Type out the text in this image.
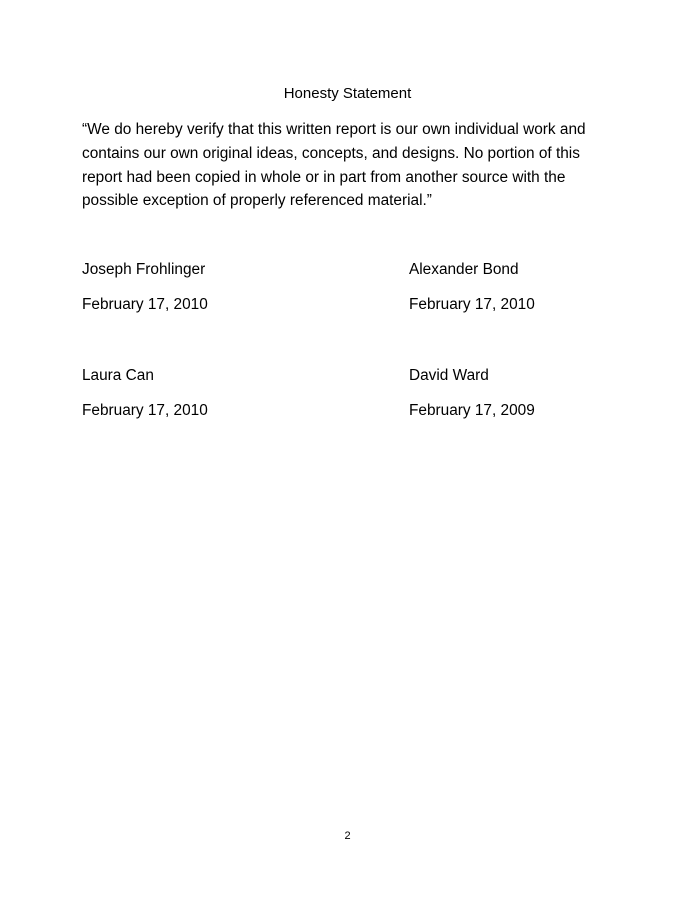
Honesty Statement

“We do hereby verify that this written report is our own individual work and contains our own original ideas, concepts, and designs. No portion of this report had been copied in whole or in part from another source with the possible exception of properly referenced material.”

Joseph Frohlinger
February 17, 2010
Alexander Bond
February 17, 2010
Laura Can
February 17, 2010
David Ward
February 17, 2009
2
